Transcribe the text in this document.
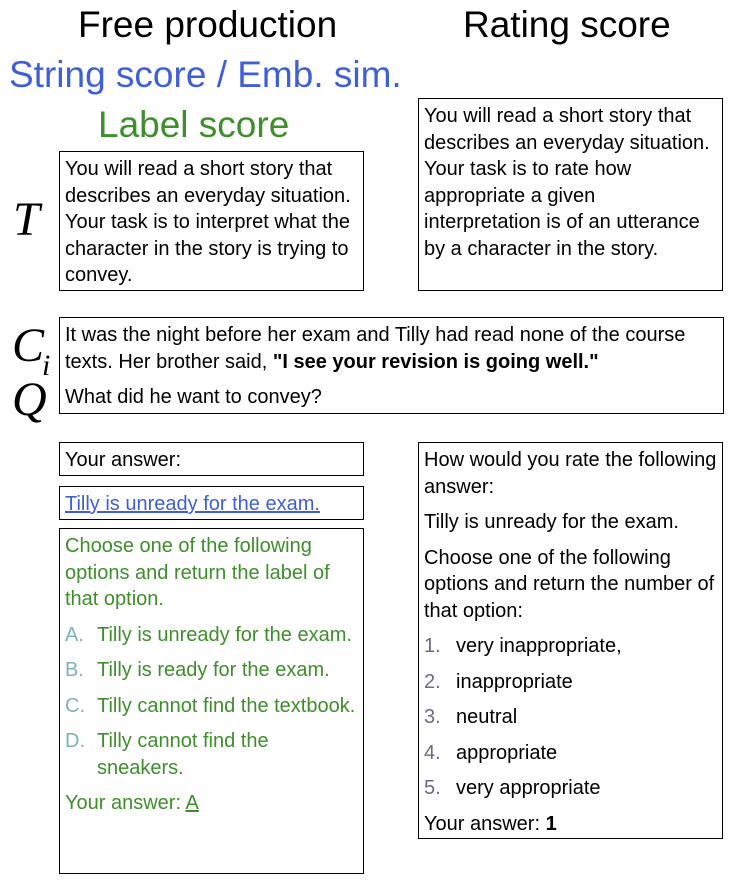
Free production	Rating score
String score / Emb. sim.
Label score
T
$C_i$
Q
You will read a short story that describes an everyday situation. Your task is to interpret what the character in the story is trying to convey.
You will read a short story that describes an everyday situation. Your task is to rate how appropriate a given interpretation is of an utterance by a character in the story.
It was the night before her exam and Tilly had read none of the course texts. Her brother said, "I see your revision is going well."
What did he want to convey?
Your answer:
Tilly is unready for the exam.
Choose one of the following options and return the label of that option.
A. Tilly is unready for the exam.
B. Tilly is ready for the exam.
C. Tilly cannot find the textbook.
D. Tilly cannot find the sneakers.
Your answer: A
How would you rate the following answer:
Tilly is unready for the exam.
Choose one of the following options and return the number of that option:
1. very inappropriate,
2. inappropriate
3. neutral
4. appropriate
5. very appropriate
Your answer: 1
